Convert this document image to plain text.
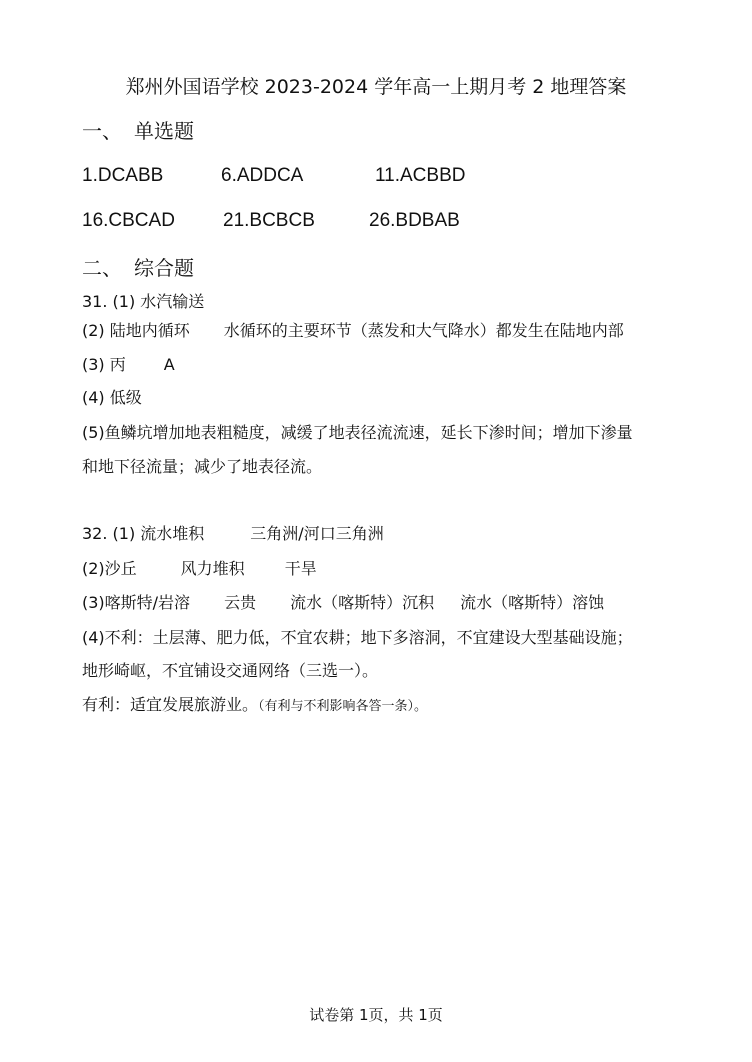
郑州外国语学校 2023-2024 学年高一上期月考 2 地理答案
一、 单选题
1.DCABB	6.ADDCA	11.ACBBD
16.CBCAD	21.BCBCB	26.BDBAB
二、 综合题
31. (1) 水汽输送
(2) 陆地内循环 水循环的主要环节（蒸发和大气降水）都发生在陆地内部
(3) 丙 A
(4) 低级
(5)鱼鳞坑增加地表粗糙度，减缓了地表径流流速，延长下渗时间；增加下渗量
和地下径流量；减少了地表径流。
32. (1) 流水堆积	三角洲/河口三角洲
(2)沙丘	风力堆积	干旱
(3)喀斯特/岩溶 云贵 流水（喀斯特）沉积 流水（喀斯特）溶蚀
(4)不利：土层薄、肥力低，不宜农耕；地下多溶洞，不宜建设大型基础设施；
地形崎岖，不宜铺设交通网络（三选一）。
有利：适宜发展旅游业。（有利与不利影响各答一条）。
试卷第 1页，共 1页
